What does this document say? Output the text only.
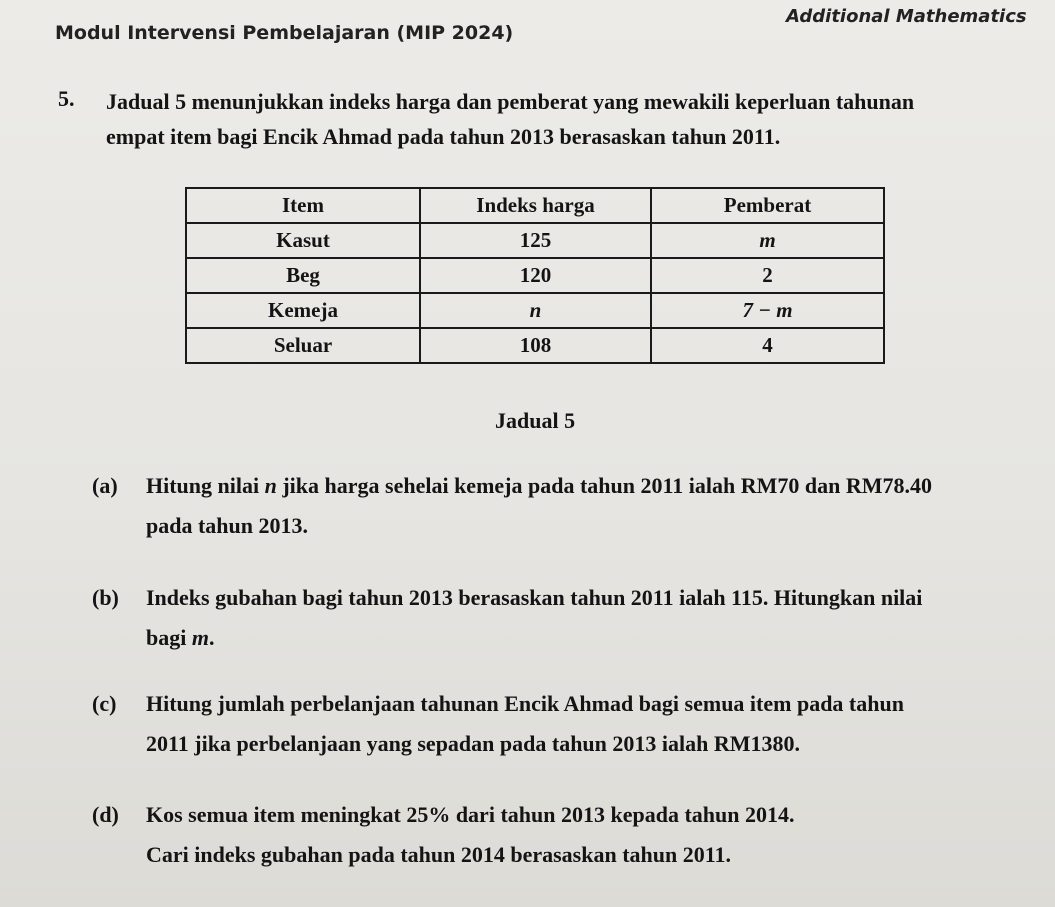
Modul Intervensi Pembelajaran (MIP 2024)
Additional Mathematics
5. Jadual 5 menunjukkan indeks harga dan pemberat yang mewakili keperluan tahunan
empat item bagi Encik Ahmad pada tahun 2013 berasaskan tahun 2011.
Item	Indeks harga	Pemberat
Kasut	125	m
Beg	120	2
Kemeja	n	7 − m
Seluar	108	4
Jadual 5
(a) Hitung nilai n jika harga sehelai kemeja pada tahun 2011 ialah RM70 dan RM78.40
pada tahun 2013.
(b) Indeks gubahan bagi tahun 2013 berasaskan tahun 2011 ialah 115. Hitungkan nilai
bagi m.
(c) Hitung jumlah perbelanjaan tahunan Encik Ahmad bagi semua item pada tahun
2011 jika perbelanjaan yang sepadan pada tahun 2013 ialah RM1380.
(d) Kos semua item meningkat 25% dari tahun 2013 kepada tahun 2014.
Cari indeks gubahan pada tahun 2014 berasaskan tahun 2011.
